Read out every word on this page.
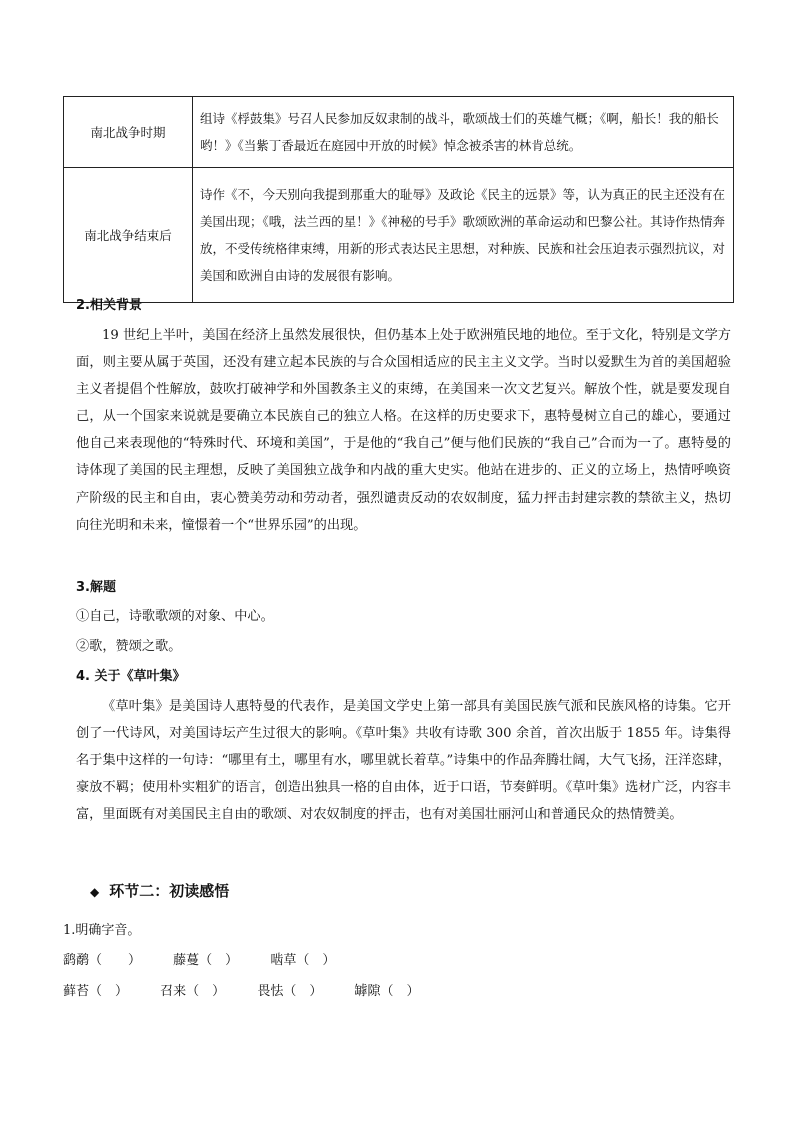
南北战争时期	组诗《桴鼓集》号召人民参加反奴隶制的战斗，歌颂战士们的英雄气概；《啊，船长！我的船长哟！》《当紫丁香最近在庭园中开放的时候》悼念被杀害的林肯总统。
南北战争结束后	诗作《不，今天别向我提到那重大的耻辱》及政论《民主的远景》等，认为真正的民主还没有在美国出现；《哦，法兰西的星！》《神秘的号手》歌颂欧洲的革命运动和巴黎公社。其诗作热情奔放，不受传统格律束缚，用新的形式表达民主思想，对种族、民族和社会压迫表示强烈抗议，对美国和欧洲自由诗的发展很有影响。
2.相关背景
19 世纪上半叶，美国在经济上虽然发展很快，但仍基本上处于欧洲殖民地的地位。至于文化，特别是文学方面，则主要从属于英国，还没有建立起本民族的与合众国相适应的民主主义文学。当时以爱默生为首的美国超验主义者提倡个性解放，鼓吹打破神学和外国教条主义的束缚，在美国来一次文艺复兴。解放个性，就是要发现自己，从一个国家来说就是要确立本民族自己的独立人格。在这样的历史要求下，惠特曼树立自己的雄心，要通过他自己来表现他的“特殊时代、环境和美国”，于是他的“我自己”便与他们民族的“我自己”合而为一了。惠特曼的诗体现了美国的民主理想，反映了美国独立战争和内战的重大史实。他站在进步的、正义的立场上，热情呼唤资产阶级的民主和自由，衷心赞美劳动和劳动者，强烈谴责反动的农奴制度，猛力抨击封建宗教的禁欲主义，热切向往光明和未来，憧憬着一个“世界乐园”的出现。
3.解题
①自己，诗歌歌颂的对象、中心。
②歌，赞颂之歌。
4. 关于《草叶集》
《草叶集》是美国诗人惠特曼的代表作，是美国文学史上第一部具有美国民族气派和民族风格的诗集。它开创了一代诗风，对美国诗坛产生过很大的影响。《草叶集》共收有诗歌 300 余首，首次出版于 1855 年。诗集得名于集中这样的一句诗：“哪里有土，哪里有水，哪里就长着草。”诗集中的作品奔腾壮阔，大气飞扬，汪洋恣肆，豪放不羁；使用朴实粗犷的语言，创造出独具一格的自由体，近于口语，节奏鲜明。《草叶集》选材广泛，内容丰富，里面既有对美国民主自由的歌颂、对农奴制度的抨击，也有对美国壮丽河山和普通民众的热情赞美。
◆ 环节二：初读感悟
1.明确字音。
鹞鹬（　　） 藤蔓（　） 啮草（　）
藓苔（　） 召来（　） 畏怯（　） 罅隙（　）
